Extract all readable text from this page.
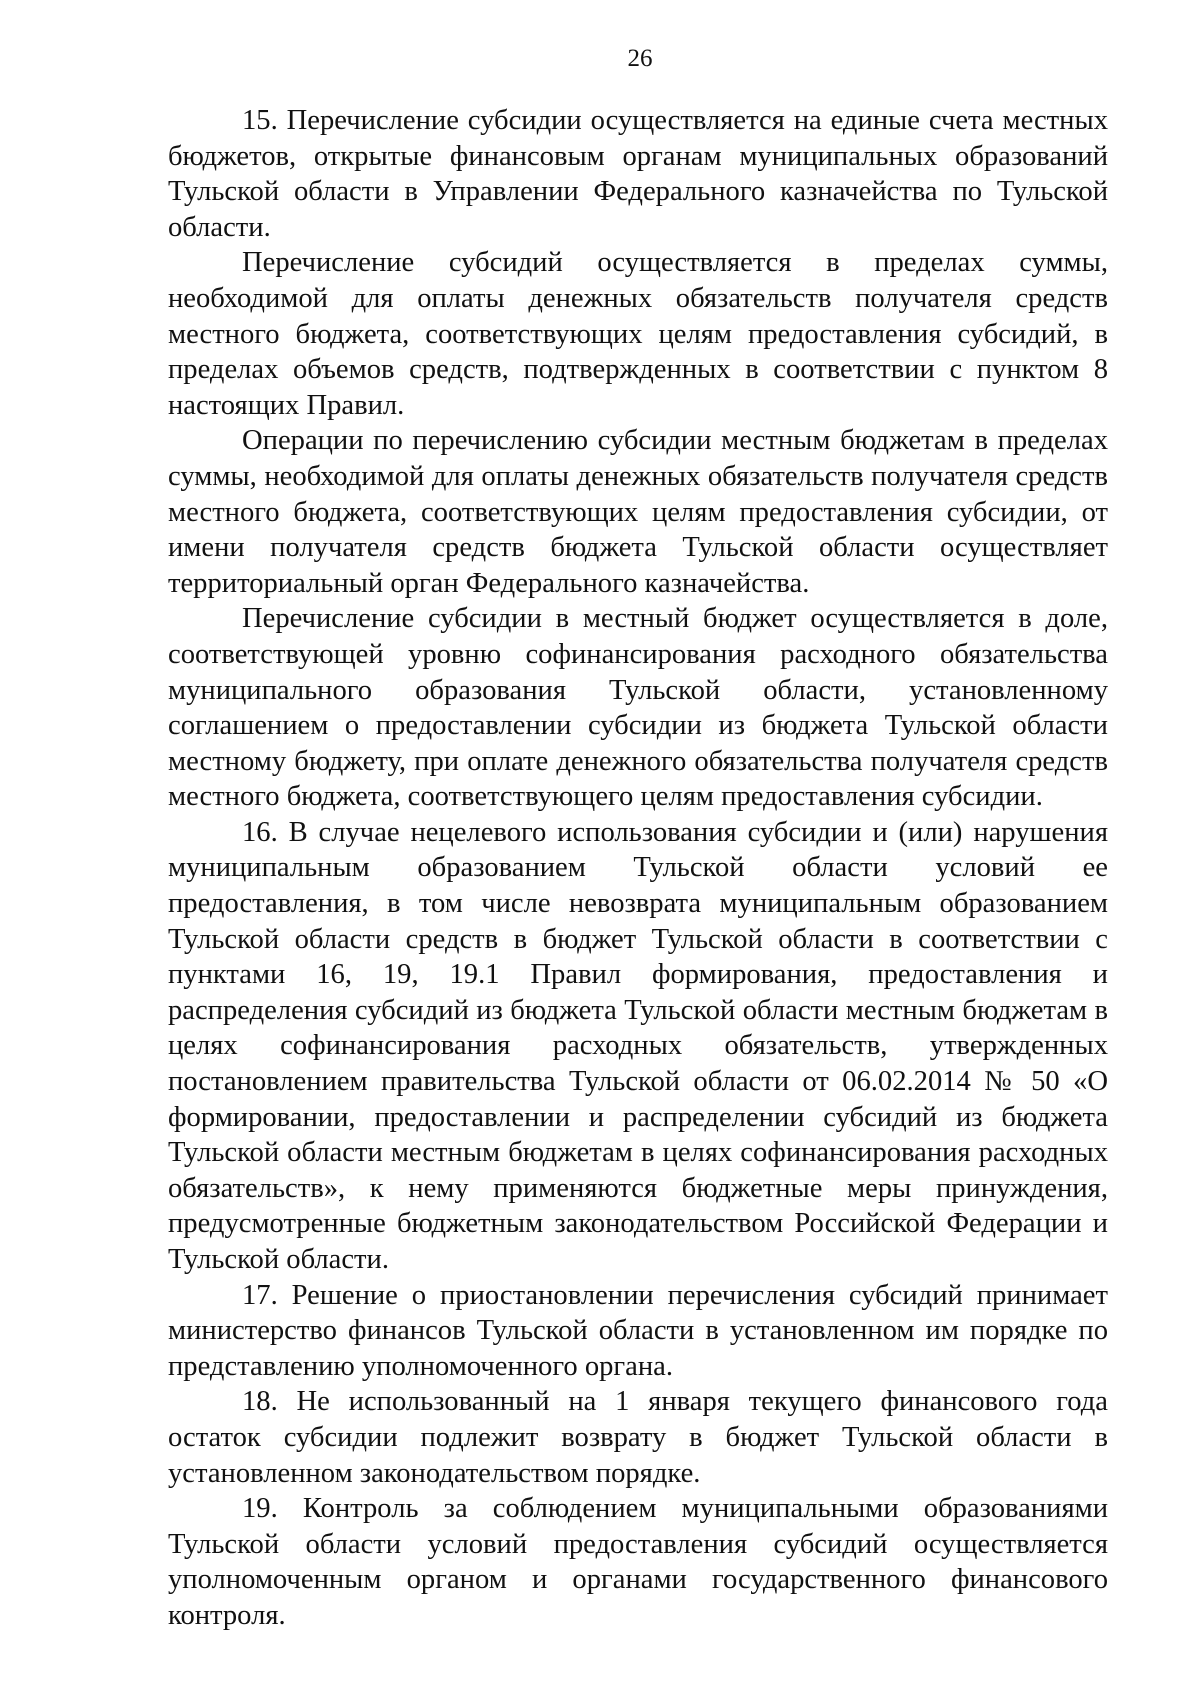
26

15. Перечисление субсидии осуществляется на единые счета местных бюджетов, открытые финансовым органам муниципальных образований Тульской области в Управлении Федерального казначейства по Тульской области.

Перечисление субсидий осуществляется в пределах суммы, необходимой для оплаты денежных обязательств получателя средств местного бюджета, соответствующих целям предоставления субсидий, в пределах объемов средств, подтвержденных в соответствии с пунктом 8 настоящих Правил.

Операции по перечислению субсидии местным бюджетам в пределах суммы, необходимой для оплаты денежных обязательств получателя средств местного бюджета, соответствующих целям предоставления субсидии, от имени получателя средств бюджета Тульской области осуществляет территориальный орган Федерального казначейства.

Перечисление субсидии в местный бюджет осуществляется в доле, соответствующей уровню софинансирования расходного обязательства муниципального образования Тульской области, установленному соглашением о предоставлении субсидии из бюджета Тульской области местному бюджету, при оплате денежного обязательства получателя средств местного бюджета, соответствующего целям предоставления субсидии.

16. В случае нецелевого использования субсидии и (или) нарушения муниципальным образованием Тульской области условий ее предоставления, в том числе невозврата муниципальным образованием Тульской области средств в бюджет Тульской области в соответствии с пунктами 16, 19, 19.1 Правил формирования, предоставления и распределения субсидий из бюджета Тульской области местным бюджетам в целях софинансирования расходных обязательств, утвержденных постановлением правительства Тульской области от 06.02.2014 № 50 «О формировании, предоставлении и распределении субсидий из бюджета Тульской области местным бюджетам в целях софинансирования расходных обязательств», к нему применяются бюджетные меры принуждения, предусмотренные бюджетным законодательством Российской Федерации и Тульской области.

17. Решение о приостановлении перечисления субсидий принимает министерство финансов Тульской области в установленном им порядке по представлению уполномоченного органа.

18. Не использованный на 1 января текущего финансового года остаток субсидии подлежит возврату в бюджет Тульской области в установленном законодательством порядке.

19. Контроль за соблюдением муниципальными образованиями Тульской области условий предоставления субсидий осуществляется уполномоченным органом и органами государственного финансового контроля.
